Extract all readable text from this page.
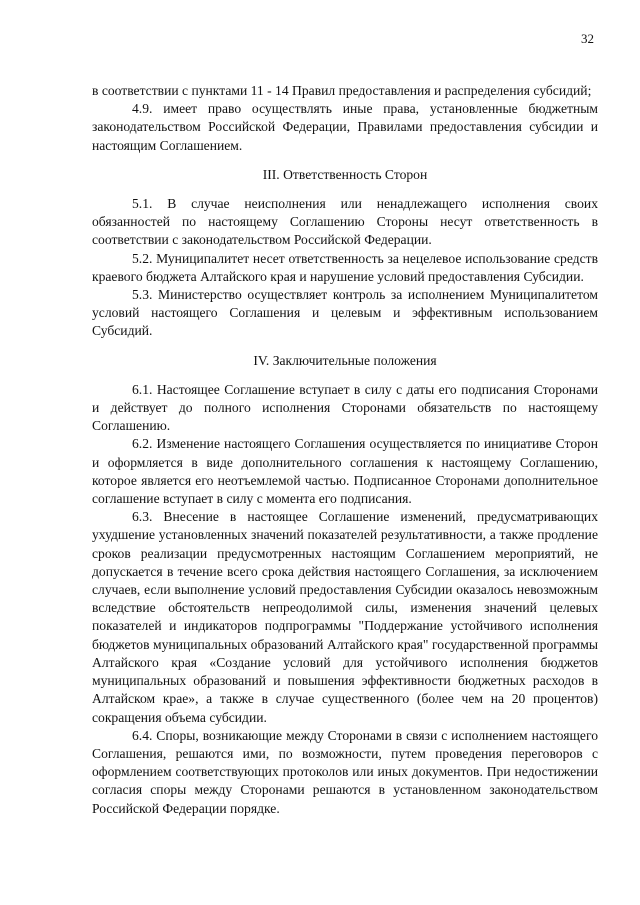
32

в соответствии с пунктами 11 - 14 Правил предоставления и распределения субсидий;

4.9. имеет право осуществлять иные права, установленные бюджетным законодательством Российской Федерации, Правилами предоставления субсидии и настоящим Соглашением.

III. Ответственность Сторон

5.1. В случае неисполнения или ненадлежащего исполнения своих обязанностей по настоящему Соглашению Стороны несут ответственность в соответствии с законодательством Российской Федерации.

5.2. Муниципалитет несет ответственность за нецелевое использование средств краевого бюджета Алтайского края и нарушение условий предоставления Субсидии.

5.3. Министерство осуществляет контроль за исполнением Муниципалитетом условий настоящего Соглашения и целевым и эффективным использованием Субсидий.

IV. Заключительные положения

6.1. Настоящее Соглашение вступает в силу с даты его подписания Сторонами и действует до полного исполнения Сторонами обязательств по настоящему Соглашению.

6.2. Изменение настоящего Соглашения осуществляется по инициативе Сторон и оформляется в виде дополнительного соглашения к настоящему Соглашению, которое является его неотъемлемой частью. Подписанное Сторонами дополнительное соглашение вступает в силу с момента его подписания.

6.3. Внесение в настоящее Соглашение изменений, предусматривающих ухудшение установленных значений показателей результативности, а также продление сроков реализации предусмотренных настоящим Соглашением мероприятий, не допускается в течение всего срока действия настоящего Соглашения, за исключением случаев, если выполнение условий предоставления Субсидии оказалось невозможным вследствие обстоятельств непреодолимой силы, изменения значений целевых показателей и индикаторов подпрограммы "Поддержание устойчивого исполнения бюджетов муниципальных образований Алтайского края" государственной программы Алтайского края «Создание условий для устойчивого исполнения бюджетов муниципальных образований и повышения эффективности бюджетных расходов в Алтайском крае», а также в случае существенного (более чем на 20 процентов) сокращения объема субсидии.

6.4. Споры, возникающие между Сторонами в связи с исполнением настоящего Соглашения, решаются ими, по возможности, путем проведения переговоров с оформлением соответствующих протоколов или иных документов. При недостижении согласия споры между Сторонами решаются в установленном законодательством Российской Федерации порядке.
